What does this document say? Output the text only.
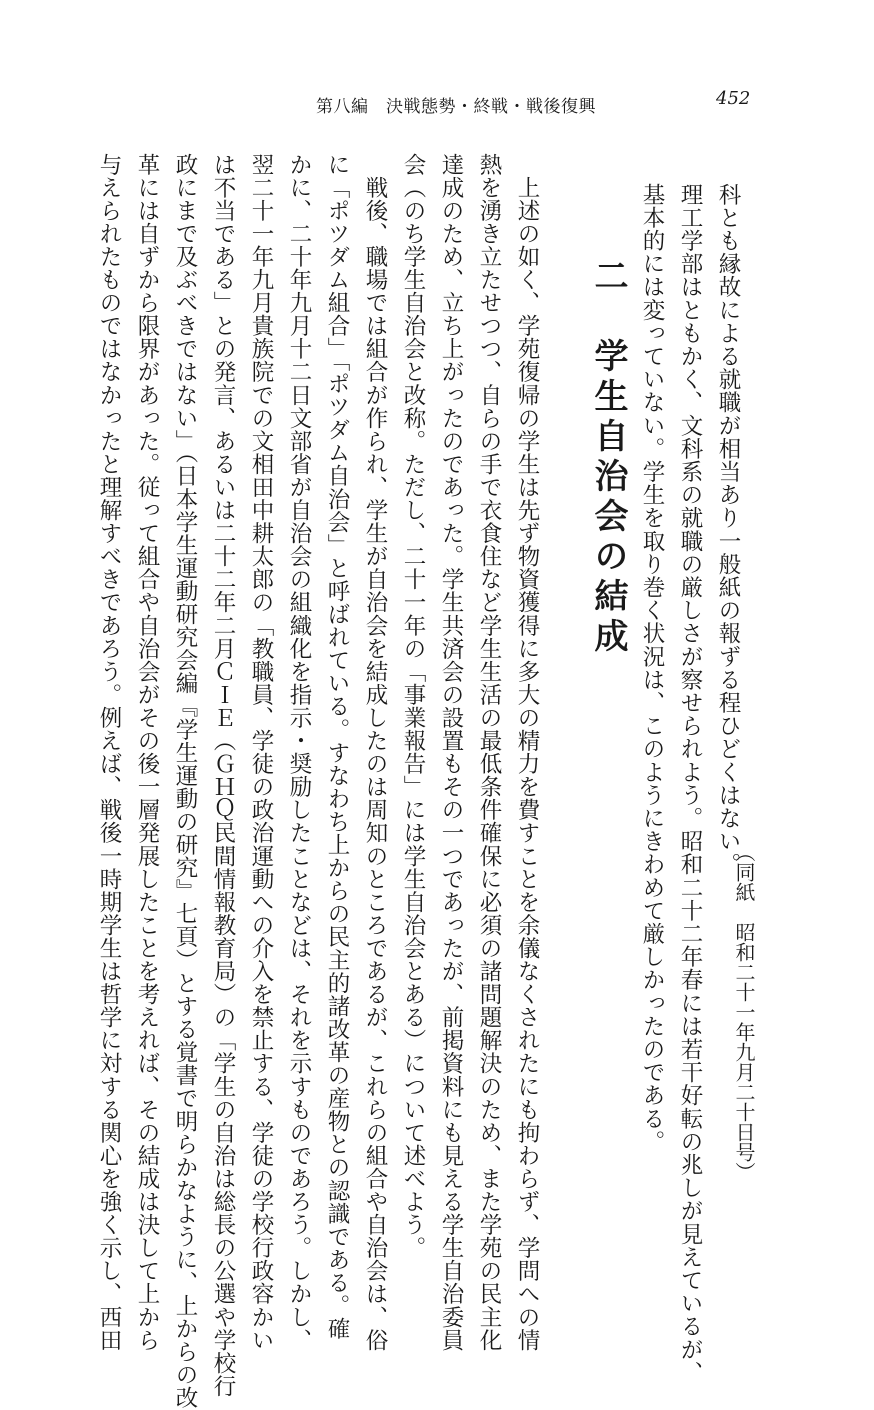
第八編　決戦態勢・終戦・戦後復興	452
科とも縁故による就職が相当あり一般紙の報ずる程ひどくはない。
理工学部はともかく、文科系の就職の厳しさが察せられよう。昭和二十二年春には若干好転の兆しが見えているが、
基本的には変っていない。学生を取り巻く状況は、このようにきわめて厳しかったのである。	（同紙　昭和二十一年九月二十日号）
二　学生自治会の結成

　上述の如く、学苑復帰の学生は先ず物資獲得に多大の精力を費すことを余儀なくされたにも拘わらず、学問への情

熱を湧き立たせつつ、自らの手で衣食住など学生生活の最低条件確保に必須の諸問題解決のため、また学苑の民主化

達成のため、立ち上がったのであった。学生共済会の設置もその一つであったが、前掲資料にも見える学生自治委員

会（のち学生自治会と改称。ただし、二十一年の「事業報告」には学生自治会とある）について述べよう。

　戦後、職場では組合が作られ、学生が自治会を結成したのは周知のところであるが、これらの組合や自治会は、俗

に「ポツダム組合」「ポツダム自治会」と呼ばれている。すなわち上からの民主的諸改革の産物との認識である。確

かに、二十年九月十二日文部省が自治会の組織化を指示・奨励したことなどは、それを示すものであろう。しかし、

翌二十一年九月貴族院での文相田中耕太郎の「教職員、学徒の政治運動への介入を禁止する、学徒の学校行政容かい

は不当である」との発言、あるいは二十二年二月ＣＩＥ（ＧＨＱ民間情報教育局）の「学生の自治は総長の公選や学校行

政にまで及ぶべきではない」（日本学生運動研究会編『学生運動の研究』七頁）とする覚書で明らかなように、上からの改

革には自ずから限界があった。従って組合や自治会がその後一層発展したことを考えれば、その結成は決して上から

与えられたものではなかったと理解すべきであろう。例えば、戦後一時期学生は哲学に対する関心を強く示し、西田
